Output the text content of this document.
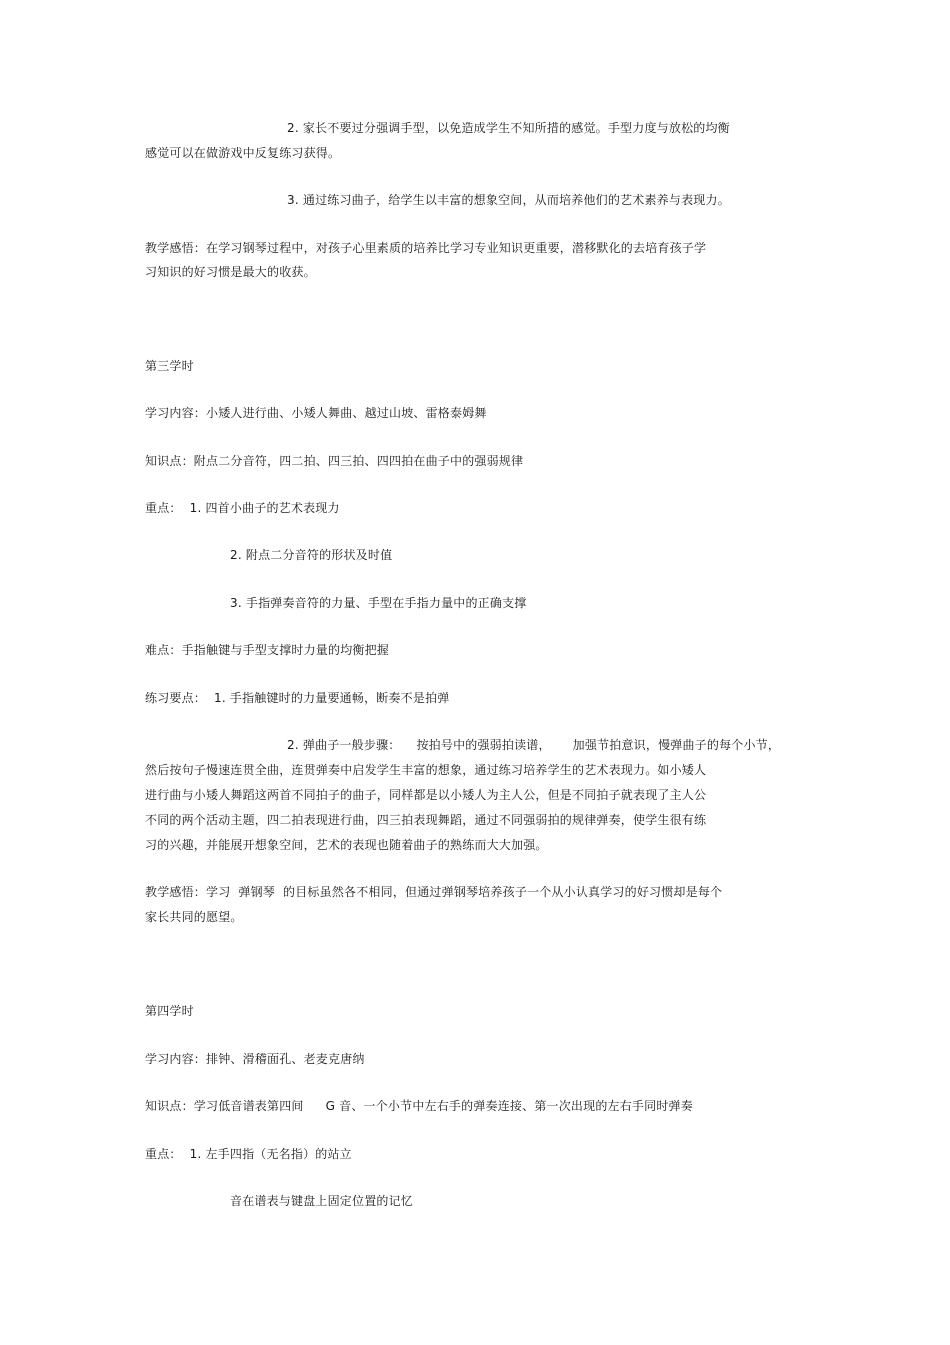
2. 家长不要过分强调手型，以免造成学生不知所措的感觉。手型力度与放松的均衡
感觉可以在做游戏中反复练习获得。
3. 通过练习曲子，给学生以丰富的想象空间，从而培养他们的艺术素养与表现力。
教学感悟：在学习钢琴过程中，对孩子心里素质的培养比学习专业知识更重要，潜移默化的去培育孩子学
习知识的好习惯是最大的收获。
第三学时
学习内容：小矮人进行曲、小矮人舞曲、越过山坡、雷格泰姆舞
知识点：附点二分音符，四二拍、四三拍、四四拍在曲子中的强弱规律
重点： 1. 四首小曲子的艺术表现力
2. 附点二分音符的形状及时值
3. 手指弹奏音符的力量、手型在手指力量中的正确支撑
难点：手指触键与手型支撑时力量的均衡把握
练习要点： 1. 手指触键时的力量要通畅，断奏不是拍弹
2. 弹曲子一般步骤： 按拍号中的强弱拍读谱， 加强节拍意识，慢弹曲子的每个小节，
然后按句子慢速连贯全曲，连贯弹奏中启发学生丰富的想象，通过练习培养学生的艺术表现力。如小矮人
进行曲与小矮人舞蹈这两首不同拍子的曲子，同样都是以小矮人为主人公，但是不同拍子就表现了主人公
不同的两个活动主题，四二拍表现进行曲，四三拍表现舞蹈，通过不同强弱拍的规律弹奏，使学生很有练
习的兴趣，并能展开想象空间，艺术的表现也随着曲子的熟练而大大加强。
教学感悟：学习 弹钢琴 的目标虽然各不相同，但通过弹钢琴培养孩子一个从小认真学习的好习惯却是每个
家长共同的愿望。
第四学时
学习内容：排钟、滑稽面孔、老麦克唐纳
知识点：学习低音谱表第四间 G 音、一个小节中左右手的弹奏连接、第一次出现的左右手同时弹奏
重点： 1. 左手四指（无名指）的站立
音在谱表与键盘上固定位置的记忆
